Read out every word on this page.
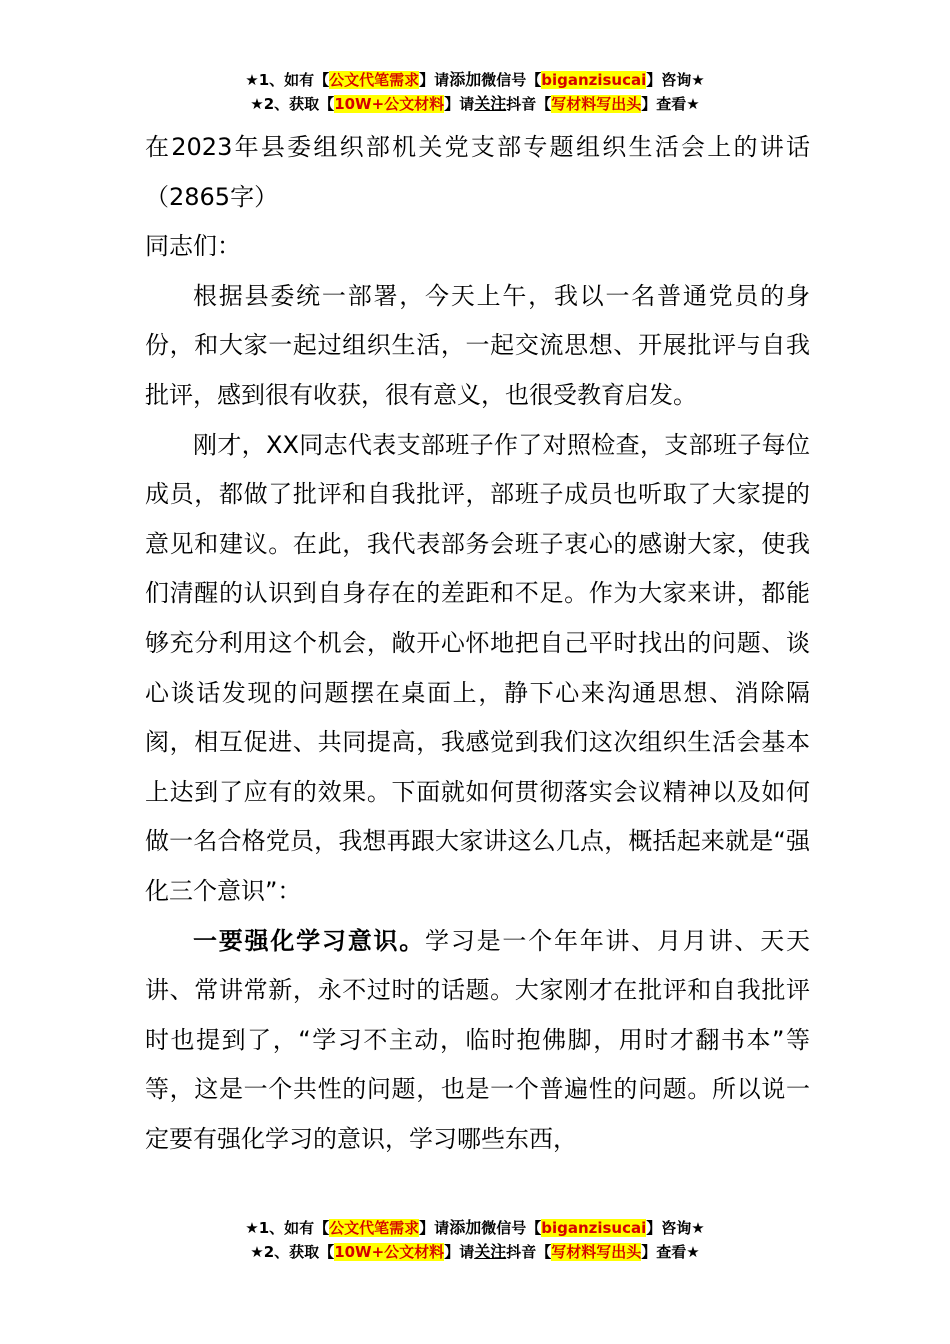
★1、如有【公文代笔需求】请添加微信号【biganzisucai】咨询★
★2、获取【10W+公文材料】请关注抖音【写材料写出头】查看★

在2023年县委组织部机关党支部专题组织生活会上的讲话（2865字）

同志们：

根据县委统一部署，今天上午，我以一名普通党员的身份，和大家一起过组织生活，一起交流思想、开展批评与自我批评，感到很有收获，很有意义，也很受教育启发。

刚才，XX同志代表支部班子作了对照检查，支部班子每位成员，都做了批评和自我批评，部班子成员也听取了大家提的意见和建议。在此，我代表部务会班子衷心的感谢大家，使我们清醒的认识到自身存在的差距和不足。作为大家来讲，都能够充分利用这个机会，敞开心怀地把自己平时找出的问题、谈心谈话发现的问题摆在桌面上，静下心来沟通思想、消除隔阂，相互促进、共同提高，我感觉到我们这次组织生活会基本上达到了应有的效果。下面就如何贯彻落实会议精神以及如何做一名合格党员，我想再跟大家讲这么几点，概括起来就是“强化三个意识”：

一要强化学习意识。学习是一个年年讲、月月讲、天天讲、常讲常新，永不过时的话题。大家刚才在批评和自我批评时也提到了，“学习不主动，临时抱佛脚，用时才翻书本”等等，这是一个共性的问题，也是一个普遍性的问题。所以说一定要有强化学习的意识，学习哪些东西，

★1、如有【公文代笔需求】请添加微信号【biganzisucai】咨询★
★2、获取【10W+公文材料】请关注抖音【写材料写出头】查看★
